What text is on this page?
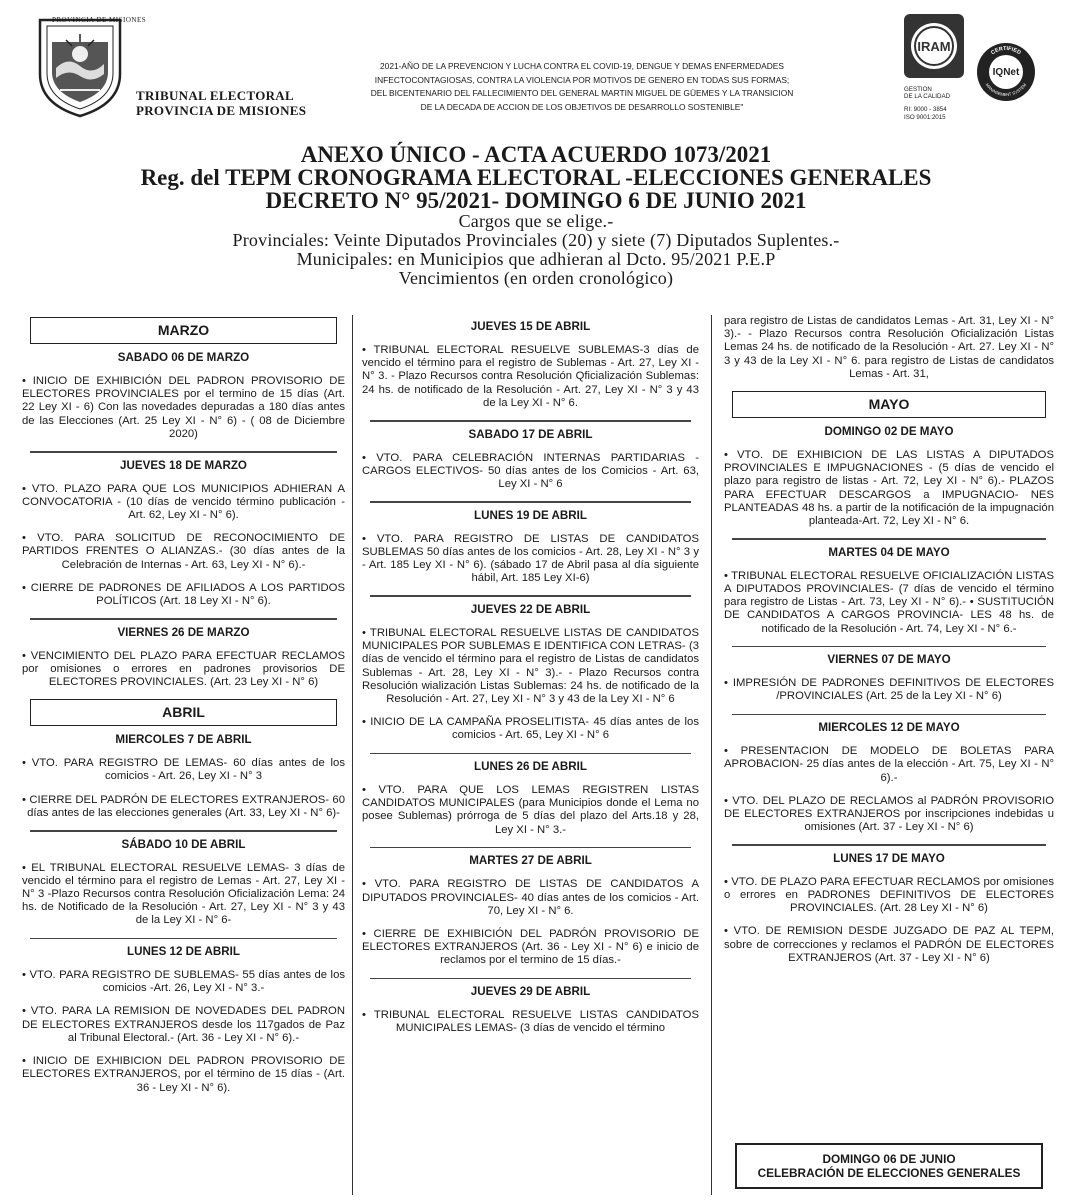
PROVINCIA DE MISIONES
TRIBUNAL ELECTORAL
PROVINCIA DE MISIONES
2021-AÑO DE LA PREVENCION Y LUCHA CONTRA EL COVID-19, DENGUE Y DEMAS ENFERMEDADES
INFECTOCONTAGIOSAS, CONTRA LA VIOLENCIA POR MOTIVOS DE GENERO EN TODAS SUS FORMAS;
DEL BICENTENARIO DEL FALLECIMIENTO DEL GENERAL MARTIN MIGUEL DE GÜEMES Y LA TRANSICION
DE LA DECADA DE ACCION DE LOS OBJETIVOS DE DESARROLLO SOSTENIBLE"
IRAM
GESTION
DE LA CALIDAD
RI: 9000 - 3854
ISO 9001:2015
CERTIFIED
MANAGEMENT SYSTEM
IQNet
ANEXO ÚNICO - ACTA ACUERDO 1073/2021
Reg. del TEPM CRONOGRAMA ELECTORAL -ELECCIONES GENERALES
DECRETO N° 95/2021- DOMINGO 6 DE JUNIO 2021
Cargos que se elige.-
Provinciales: Veinte Diputados Provinciales (20) y siete (7) Diputados Suplentes.-
Municipales: en Municipios que adhieran al Dcto. 95/2021 P.E.P
Vencimientos (en orden cronológico)
MARZO
SABADO 06 DE MARZO
• INICIO DE EXHIBICIÓN DEL PADRON PROVISORIO DE ELECTORES PROVINCIALES por el termino de 15 días (Art. 22 Ley XI - 6) Con las novedades depuradas a 180 días antes de las Elecciones (Art. 25 Ley XI - N° 6) - ( 08 de Diciembre 2020)
JUEVES 18 DE MARZO
• VTO. PLAZO PARA QUE LOS MUNICIPIOS ADHIERAN A CONVOCATORIA - (10 días de vencido término publicación - Art. 62, Ley XI - N° 6).
• VTO. PARA SOLICITUD DE RECONOCIMIENTO DE PARTIDOS FRENTES O ALIANZAS.- (30 días antes de la Celebración de Internas - Art. 63, Ley XI - N° 6).-
• CIERRE DE PADRONES DE AFILIADOS A LOS PARTIDOS POLÍTICOS (Art. 18 Ley XI - N° 6).
VIERNES 26 DE MARZO
• VENCIMIENTO DEL PLAZO PARA EFECTUAR RECLAMOS por omisiones o errores en padrones provisorios DE ELECTORES PROVINCIALES. (Art. 23 Ley XI - N° 6)
ABRIL
MIERCOLES 7 DE ABRIL
• VTO. PARA REGISTRO DE LEMAS- 60 días antes de los comicios - Art. 26, Ley XI - N° 3
• CIERRE DEL PADRÓN DE ELECTORES EXTRANJEROS- 60 días antes de las elecciones generales (Art. 33, Ley XI - N° 6)-
SÁBADO 10 DE ABRIL
• EL TRIBUNAL ELECTORAL RESUELVE LEMAS- 3 días de vencido el término para el registro de Lemas - Art. 27, Ley XI - N° 3 -Plazo Recursos contra Resolución Oficialización Lema: 24 hs. de Notificado de la Resolución - Art. 27, Ley XI - N° 3 y 43 de la Ley XI - N° 6-
LUNES 12 DE ABRIL
• VTO. PARA REGISTRO DE SUBLEMAS- 55 días antes de los comicios -Art. 26, Ley XI - N° 3.-
• VTO. PARA LA REMISION DE NOVEDADES DEL PADRON DE ELECTORES EXTRANJEROS desde los 117gados de Paz al Tribunal Electoral.- (Art. 36 - Ley XI - N° 6).-
• INICIO DE EXHIBICION DEL PADRON PROVISORIO DE ELECTORES EXTRANJEROS, por el término de 15 días - (Art. 36 - Ley XI - N° 6).
JUEVES 15 DE ABRIL
• TRIBUNAL ELECTORAL RESUELVE SUBLEMAS-3 días de vencido el término para el registro de Sublemas - Art. 27, Ley XI - N° 3. - Plazo Recursos contra Resolución Qficialización Sublemas: 24 hs. de notificado de la Resolución - Art. 27, Ley XI - N° 3 y 43 de la Ley XI - N° 6.
SABADO 17 DE ABRIL
• VTO. PARA CELEBRACIÓN INTERNAS PARTIDARIAS - CARGOS ELECTIVOS- 50 días antes de los Comicios - Art. 63, Ley XI - N° 6
LUNES 19 DE ABRIL
• VTO. PARA REGISTRO DE LISTAS DE CANDIDATOS SUBLEMAS 50 días antes de los comicios - Art. 28, Ley XI - N° 3 y - Art. 185 Ley XI - N° 6). (sábado 17 de Abril pasa al día siguiente hábil, Art. 185 Ley XI-6)
JUEVES 22 DE ABRIL
• TRIBUNAL ELECTORAL RESUELVE LISTAS DE CANDIDATOS MUNICIPALES POR SUBLEMAS E IDENTIFICA CON LETRAS- (3 días de vencido el término para el registro de Listas de candidatos Sublemas - Art. 28, Ley XI - N° 3).- - Plazo Recursos contra Resolución wialización Listas Sublemas: 24 hs. de notificado de la Resolución - Art. 27, Ley XI - N° 3 y 43 de la Ley XI - N° 6
• INICIO DE LA CAMPAÑA PROSELITISTA- 45 días antes de los comicios - Art. 65, Ley XI - N° 6
LUNES 26 DE ABRIL
• VTO. PARA QUE LOS LEMAS REGISTREN LISTAS CANDIDATOS MUNICIPALES (para Municipios donde el Lema no posee Sublemas) prórroga de 5 días del plazo del Arts.18 y 28, Ley XI - N° 3.-
MARTES 27 DE ABRIL
• VTO. PARA REGISTRO DE LISTAS DE CANDIDATOS A DIPUTADOS PROVINCIALES- 40 días antes de los comicios - Art. 70, Ley XI - N° 6.
• CIERRE DE EXHIBICIÓN DEL PADRÓN PROVISORIO DE ELECTORES EXTRANJEROS (Art. 36 - Ley XI - N° 6) e inicio de reclamos por el termino de 15 días.-
JUEVES 29 DE ABRIL
• TRIBUNAL ELECTORAL RESUELVE LISTAS CANDIDATOS MUNICIPALES LEMAS- (3 días de vencido el término
para registro de Listas de candidatos Lemas - Art. 31, Ley XI - N° 3).- - Plazo Recursos contra Resolución Oficialización Listas Lemas 24 hs. de notificado de la Resolución - Art. 27. Ley XI - N° 3 y 43 de la Ley XI - N° 6. para registro de Listas de candidatos Lemas - Art. 31,
MAYO
DOMINGO 02 DE MAYO
• VTO. DE EXHIBICION DE LAS LISTAS A DIPUTADOS PROVINCIALES E IMPUGNACIONES - (5 días de vencido el plazo para registro de listas - Art. 72, Ley XI - N° 6).- PLAZOS PARA EFECTUAR DESCARGOS a IMPUGNACIO- NES PLANTEADAS 48 hs. a partir de la notificación de la impugnación planteada-Art. 72, Ley XI - N° 6.
MARTES 04 DE MAYO
• TRIBUNAL ELECTORAL RESUELVE OFICIALIZACIÓN LISTAS A DIPUTADOS PROVINCIALES- (7 días de vencido el término para registro de Listas - Art. 73, Ley XI - N° 6).- • SUSTITUCIÓN DE CANDIDATOS A CARGOS PROVINCIA- LES 48 hs. de notificado de la Resolución - Art. 74, Ley XI - N° 6.-
VIERNES 07 DE MAYO
• IMPRESIÓN DE PADRONES DEFINITIVOS DE ELECTORES /PROVINCIALES (Art. 25 de la Ley XI - N° 6)
MIERCOLES 12 DE MAYO
• PRESENTACION DE MODELO DE BOLETAS PARA APROBACION- 25 días antes de la elección - Art. 75, Ley XI - N° 6).-
• VTO. DEL PLAZO DE RECLAMOS al PADRÓN PROVISORIO DE ELECTORES EXTRANJEROS por inscripciones indebidas u omisiones (Art. 37 - Ley XI - N° 6)
LUNES 17 DE MAYO
• VTO. DE PLAZO PARA EFECTUAR RECLAMOS por omisiones o errores en PADRONES DEFINITIVOS DE ELECTORES PROVINCIALES. (Art. 28 Ley XI - N° 6)
• VTO. DE REMISION DESDE JUZGADO DE PAZ AL TEPM, sobre de correcciones y reclamos el PADRÓN DE ELECTORES EXTRANJEROS (Art. 37 - Ley XI - N° 6)
DOMINGO 06 DE JUNIO
CELEBRACIÓN DE ELECCIONES GENERALES
